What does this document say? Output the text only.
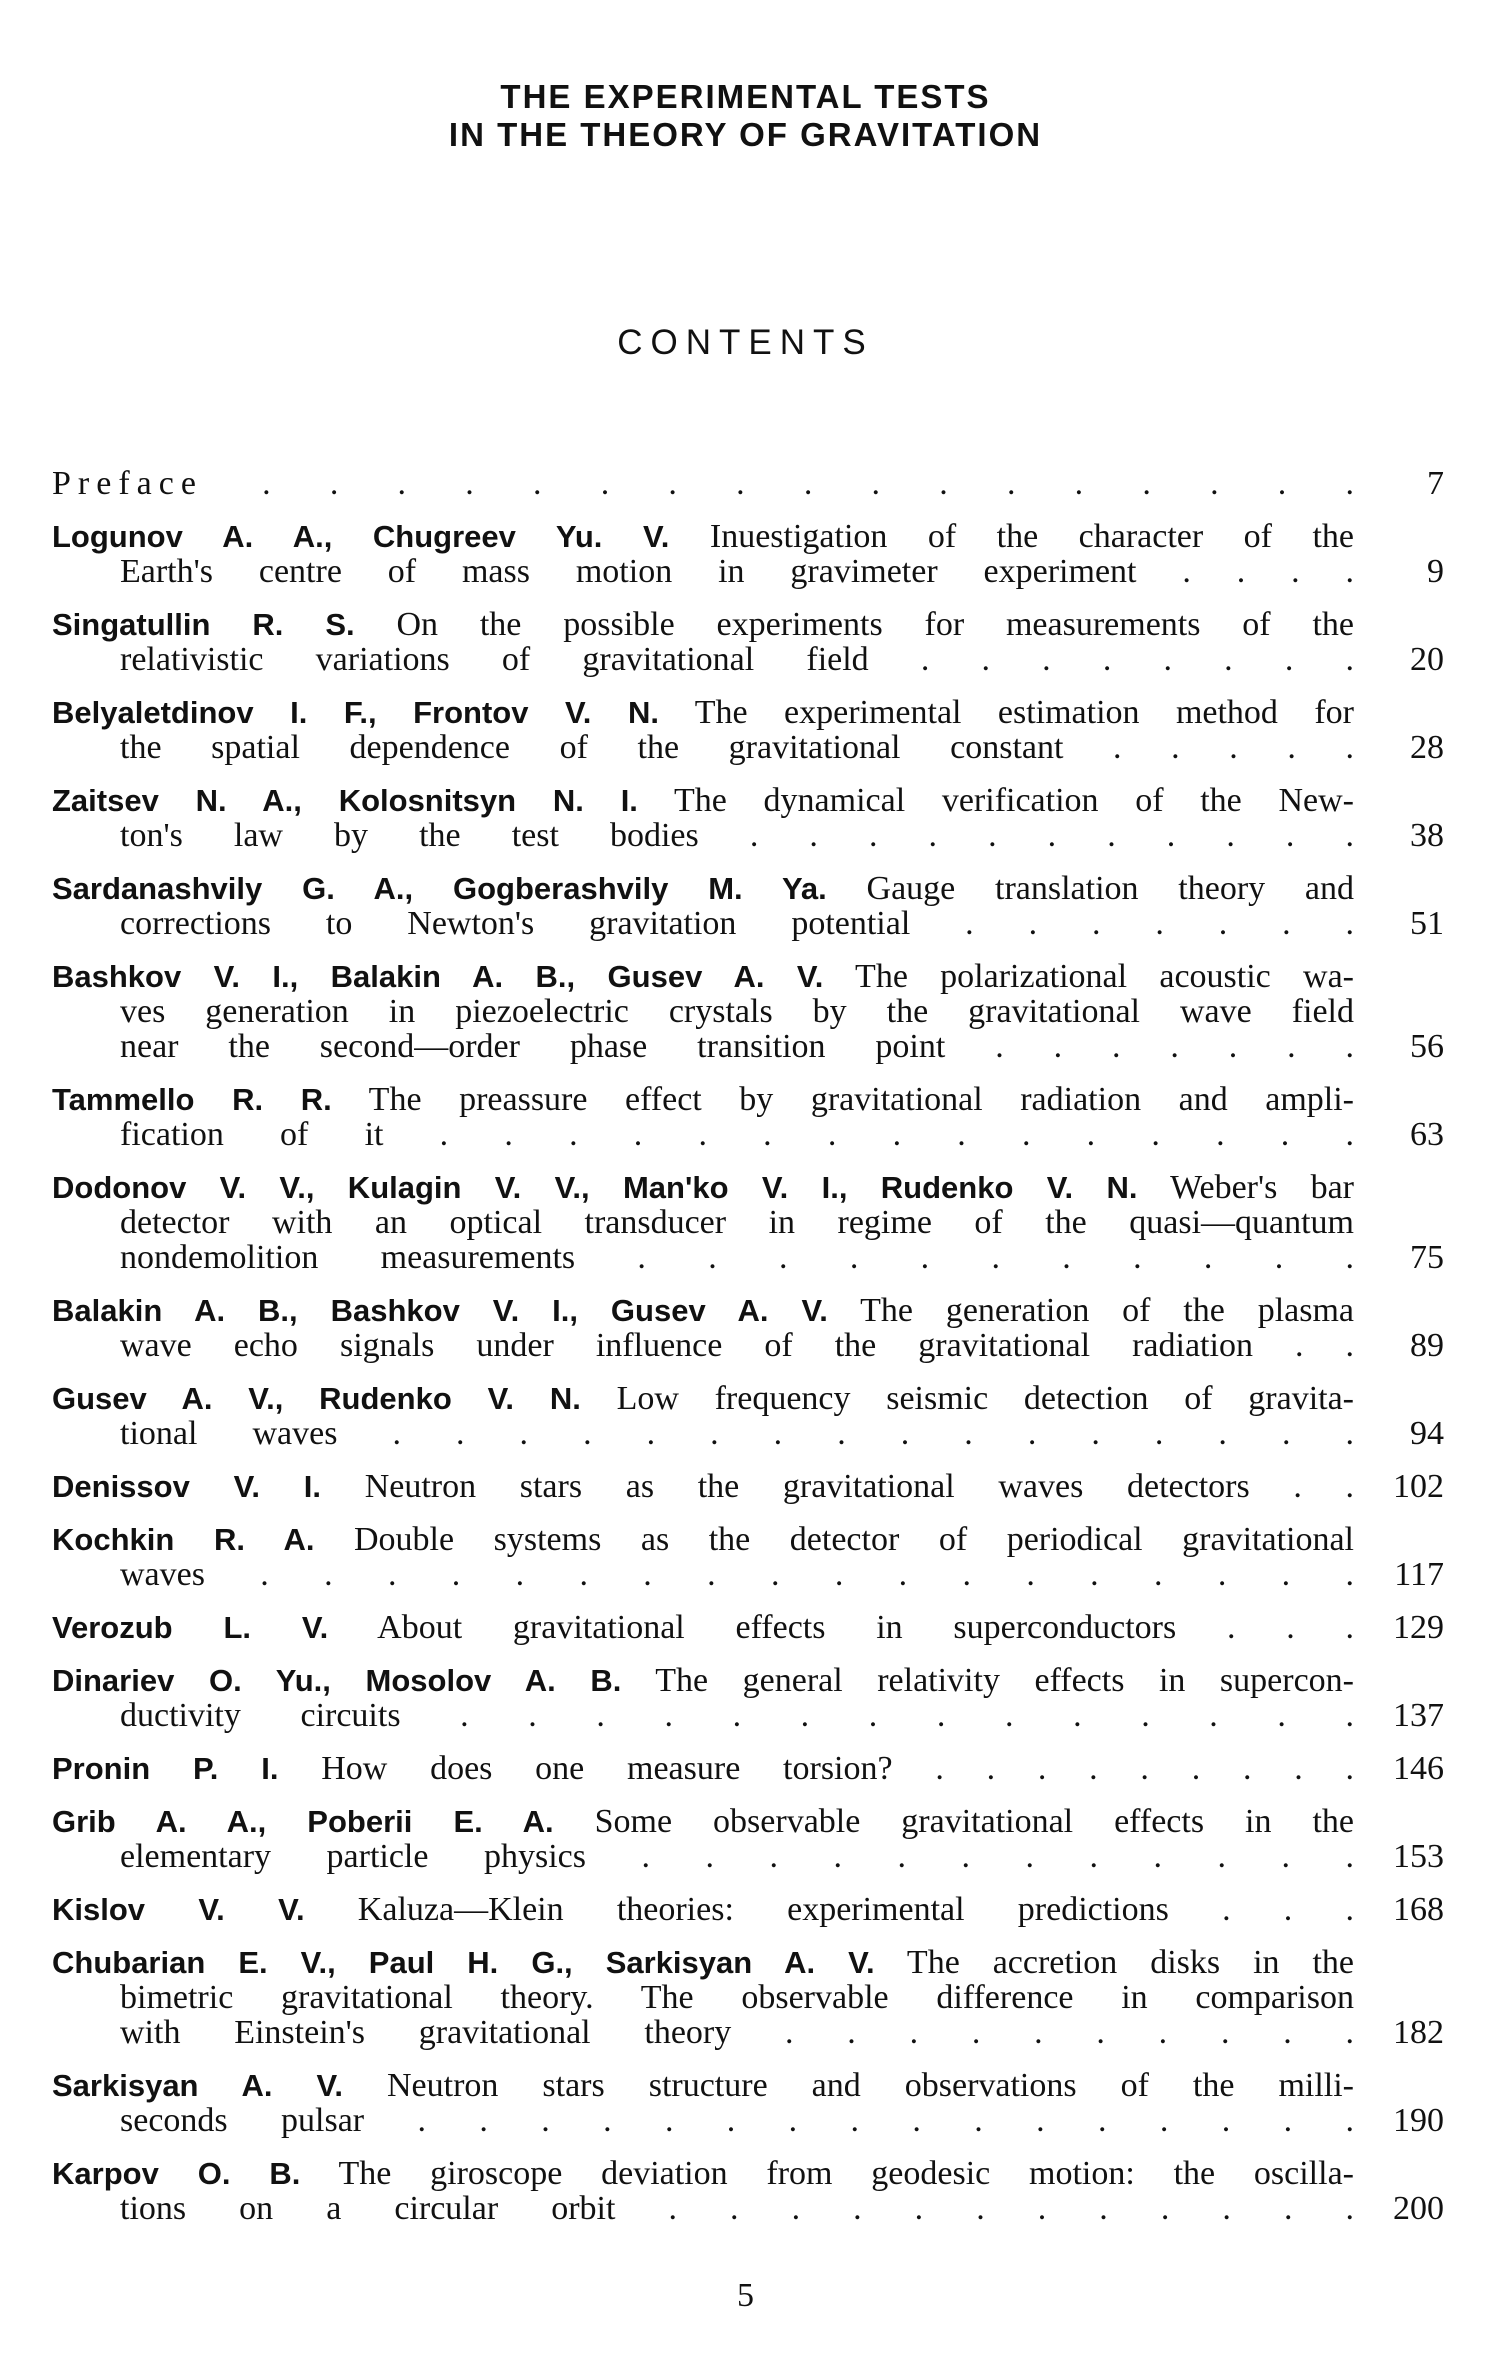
THE EXPERIMENTAL TESTS
IN THE THEORY OF GRAVITATION
CONTENTS
Preface . . . . . . . . . . . . . . . . .	7
Logunov A. A., Chugreev Yu. V. Inuestigation of the character of the
Earth's centre of mass motion in gravimeter experiment . . . .	9
Singatullin R. S. On the possible experiments for measurements of the
relativistic variations of gravitational field . . . . . . . .	20
Belyaletdinov I. F., Frontov V. N. The experimental estimation method for
the spatial dependence of the gravitational constant . . . . .	28
Zaitsev N. A., Kolosnitsyn N. I. The dynamical verification of the New-
ton's law by the test bodies . . . . . . . . . . .	38
Sardanashvily G. A., Gogberashvily M. Ya. Gauge translation theory and
corrections to Newton's gravitation potential . . . . . . .	51
Bashkov V. I., Balakin A. B., Gusev A. V. The polarizational acoustic wa-
ves generation in piezoelectric crystals by the gravitational wave field
near the second—order phase transition point . . . . . . .	56
Tammello R. R. The preassure effect by gravitational radiation and ampli-
fication of it . . . . . . . . . . . . . . .	63
Dodonov V. V., Kulagin V. V., Man'ko V. I., Rudenko V. N. Weber's bar
detector with an optical transducer in regime of the quasi—quantum
nondemolition measurements . . . . . . . . . . .	75
Balakin A. B., Bashkov V. I., Gusev A. V. The generation of the plasma
wave echo signals under influence of the gravitational radiation . .	89
Gusev A. V., Rudenko V. N. Low frequency seismic detection of gravita-
tional waves . . . . . . . . . . . . . . . .	94
Denissov V. I. Neutron stars as the gravitational waves detectors . .	102
Kochkin R. A. Double systems as the detector of periodical gravitational
waves . . . . . . . . . . . . . . . . . .	117
Verozub L. V. About gravitational effects in superconductors . . .	129
Dinariev O. Yu., Mosolov A. B. The general relativity effects in supercon-
ductivity circuits . . . . . . . . . . . . . .	137
Pronin P. I. How does one measure torsion? . . . . . . . . .	146
Grib A. A., Poberii E. A. Some observable gravitational effects in the
elementary particle physics . . . . . . . . . . . .	153
Kislov V. V. Kaluza—Klein theories: experimental predictions . . .	168
Chubarian E. V., Paul H. G., Sarkisyan A. V. The accretion disks in the
bimetric gravitational theory. The observable difference in comparison
with Einstein's gravitational theory . . . . . . . . . .	182
Sarkisyan A. V. Neutron stars structure and observations of the milli-
seconds pulsar . . . . . . . . . . . . . . . .	190
Karpov O. B. The giroscope deviation from geodesic motion: the oscilla-
tions on a circular orbit . . . . . . . . . . . .	200
5
